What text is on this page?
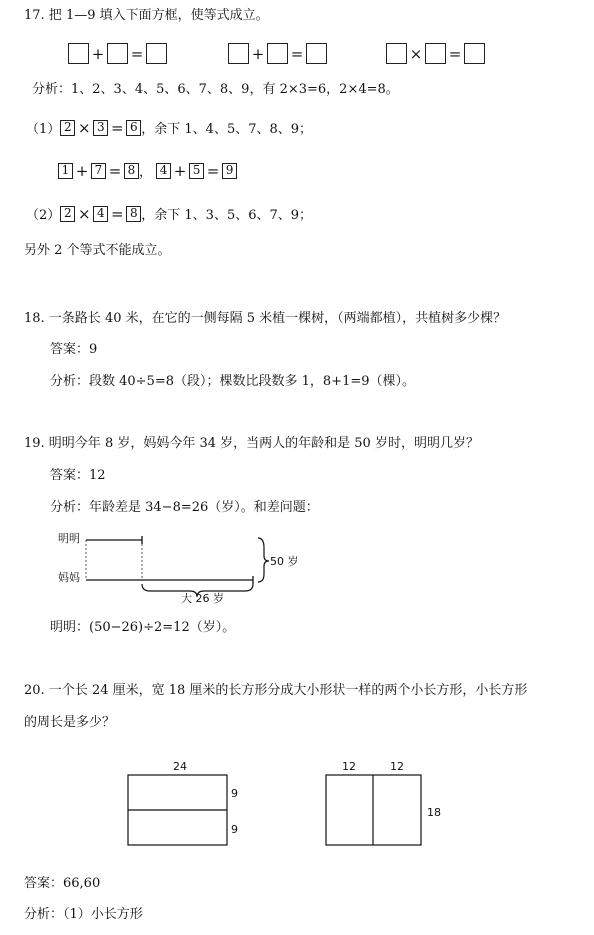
17. 把 1—9 填入下面方框，使等式成立。
+ =	+ =	× =
分析：1、2、3、4、5、6、7、8、9，有 2×3=6，2×4=8。
（1） 2 × 3 = 6 ，余下 1、4、5、7、8、9；
1 + 7 = 8 ， 4 + 5 = 9
（2） 2 × 4 = 8 ，余下 1、3、5、6、7、9；
另外 2 个等式不能成立。
18. 一条路长 40 米，在它的一侧每隔 5 米植一棵树，（两端都植），共植树多少棵？
答案：9
分析：段数 40÷5=8（段）；棵数比段数多 1，8+1=9（棵）。
19. 明明今年 8 岁，妈妈今年 34 岁，当两人的年龄和是 50 岁时，明明几岁？
答案：12
分析：年龄差是 34−8=26（岁）。和差问题：
明明
妈妈
50 岁
大 26 岁
明明：(50−26)÷2=12（岁）。
20. 一个长 24 厘米，宽 18 厘米的长方形分成大小形状一样的两个小长方形，小长方形
的周长是多少？
24
9
9
12	12
18
答案：66,60
分析：（1）小长方形
